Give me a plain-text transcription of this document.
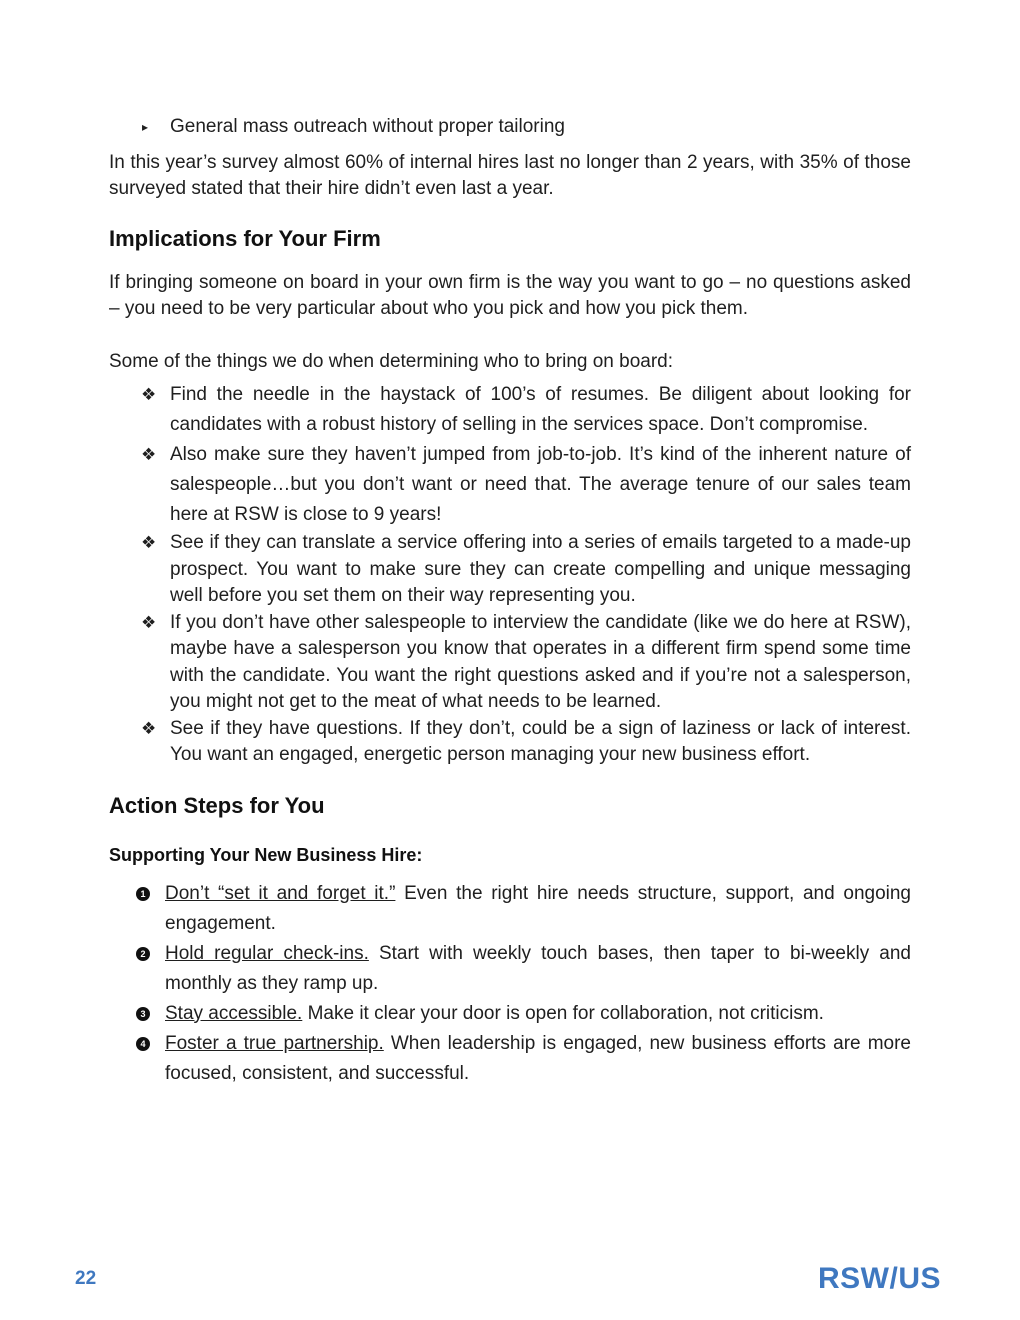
▸ General mass outreach without proper tailoring

In this year’s survey almost 60% of internal hires last no longer than 2 years, with 35% of those surveyed stated that their hire didn’t even last a year.

Implications for Your Firm

If bringing someone on board in your own firm is the way you want to go – no questions asked – you need to be very particular about who you pick and how you pick them.

Some of the things we do when determining who to bring on board:

❖ Find the needle in the haystack of 100’s of resumes. Be diligent about looking for candidates with a robust history of selling in the services space. Don’t compromise.
❖ Also make sure they haven’t jumped from job-to-job. It’s kind of the inherent nature of salespeople…but you don’t want or need that. The average tenure of our sales team here at RSW is close to 9 years!
❖ See if they can translate a service offering into a series of emails targeted to a made-up prospect. You want to make sure they can create compelling and unique messaging well before you set them on their way representing you.
❖ If you don’t have other salespeople to interview the candidate (like we do here at RSW), maybe have a salesperson you know that operates in a different firm spend some time with the candidate. You want the right questions asked and if you’re not a salesperson, you might not get to the meat of what needs to be learned.
❖ See if they have questions. If they don’t, could be a sign of laziness or lack of interest. You want an engaged, energetic person managing your new business effort.
Action Steps for You
Supporting Your New Business Hire:
1 Don’t “set it and forget it.” Even the right hire needs structure, support, and ongoing engagement.
2 Hold regular check-ins. Start with weekly touch bases, then taper to bi-weekly and monthly as they ramp up.
3 Stay accessible. Make it clear your door is open for collaboration, not criticism.
4 Foster a true partnership. When leadership is engaged, new business efforts are more focused, consistent, and successful.
22	RSW/US
